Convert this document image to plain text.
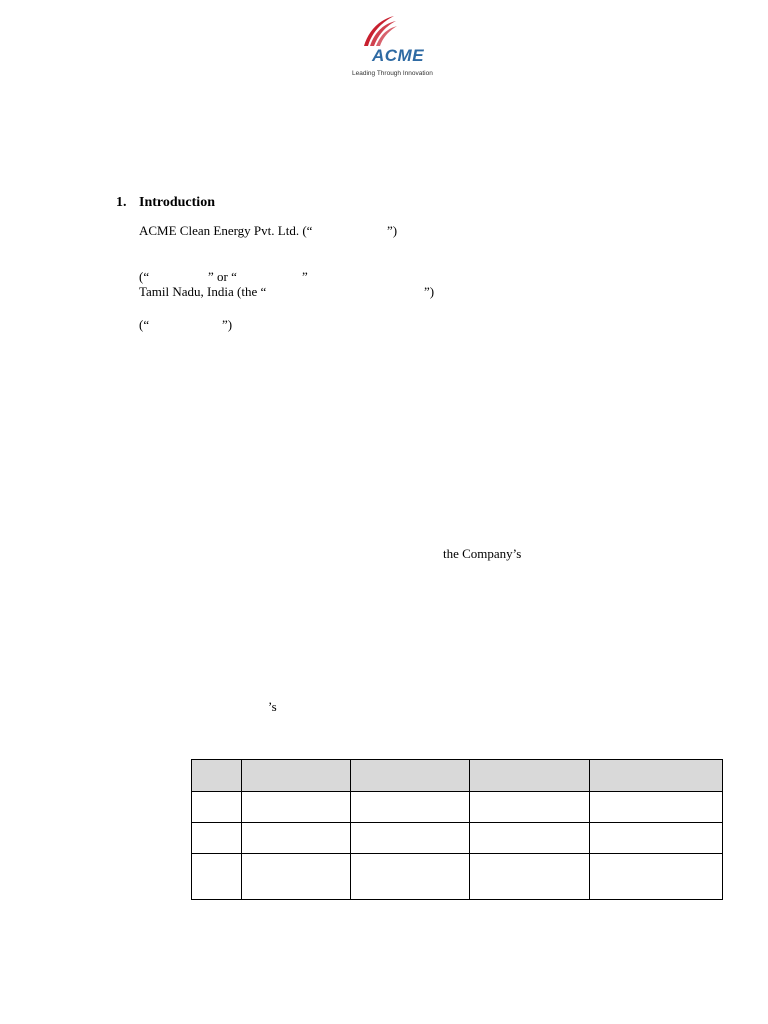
ACME
Leading Through Innovation
1. Introduction
ACME Clean Energy Pvt. Ltd. (“	”)
(“	” or “	”
Tamil Nadu, India (the “	”)
(“	”)
the Company’s
’s
